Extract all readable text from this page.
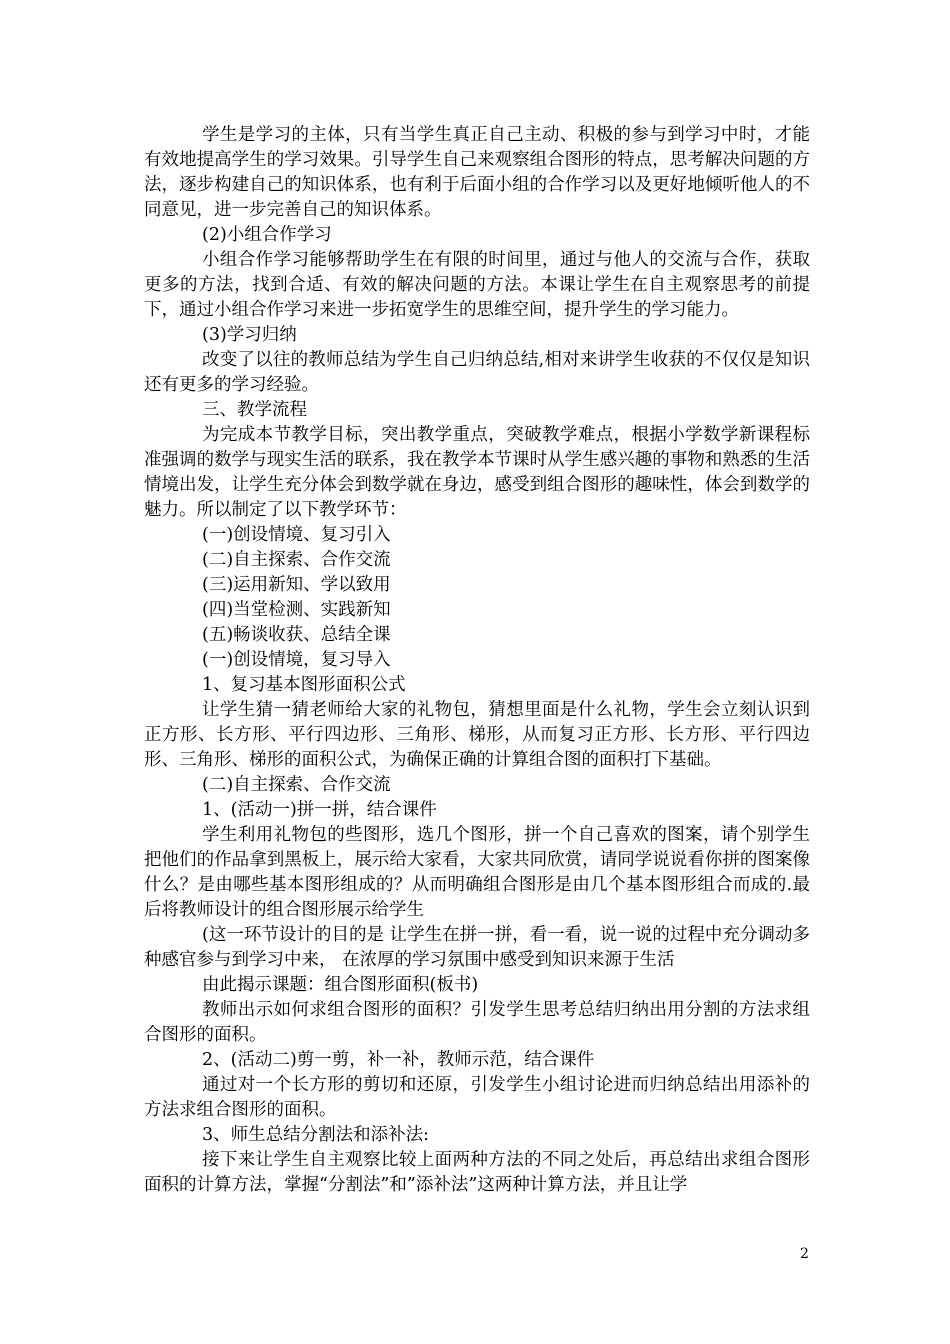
学生是学习的主体，只有当学生真正自己主动、积极的参与到学习中时，才能有效地提高学生的学习效果。引导学生自己来观察组合图形的特点，思考解决问题的方法，逐步构建自己的知识体系，也有利于后面小组的合作学习以及更好地倾听他人的不同意见，进一步完善自己的知识体系。

(2)小组合作学习

小组合作学习能够帮助学生在有限的时间里，通过与他人的交流与合作，获取更多的方法，找到合适、有效的解决问题的方法。本课让学生在自主观察思考的前提下，通过小组合作学习来进一步拓宽学生的思维空间，提升学生的学习能力。

(3)学习归纳

改变了以往的教师总结为学生自己归纳总结,相对来讲学生收获的不仅仅是知识还有更多的学习经验。

三、教学流程

为完成本节教学目标，突出教学重点，突破教学难点，根据小学数学新课程标准强调的数学与现实生活的联系，我在教学本节课时从学生感兴趣的事物和熟悉的生活情境出发，让学生充分体会到数学就在身边，感受到组合图形的趣味性，体会到数学的魅力。所以制定了以下教学环节：

(一)创设情境、复习引入

(二)自主探索、合作交流

(三)运用新知、学以致用

(四)当堂检测、实践新知

(五)畅谈收获、总结全课

(一)创设情境，复习导入

1、复习基本图形面积公式

让学生猜一猜老师给大家的礼物包，猜想里面是什么礼物，学生会立刻认识到正方形、长方形、平行四边形、三角形、梯形，从而复习正方形、长方形、平行四边形、三角形、梯形的面积公式，为确保正确的计算组合图的面积打下基础。

(二)自主探索、合作交流

1、(活动一)拼一拼，结合课件

学生利用礼物包的些图形，选几个图形，拼一个自己喜欢的图案，请个别学生把他们的作品拿到黑板上，展示给大家看，大家共同欣赏，请同学说说看你拼的图案像什么？是由哪些基本图形组成的？从而明确组合图形是由几个基本图形组合而成的.最后将教师设计的组合图形展示给学生

(这一环节设计的目的是 让学生在拼一拼，看一看，说一说的过程中充分调动多种感官参与到学习中来， 在浓厚的学习氛围中感受到知识来源于生活

由此揭示课题：组合图形面积(板书)

教师出示如何求组合图形的面积？引发学生思考总结归纳出用分割的方法求组合图形的面积。

2、(活动二)剪一剪，补一补，教师示范，结合课件

通过对一个长方形的剪切和还原，引发学生小组讨论进而归纳总结出用添补的方法求组合图形的面积。

3、师生总结分割法和添补法:

接下来让学生自主观察比较上面两种方法的不同之处后，再总结出求组合图形面积的计算方法，掌握“分割法”和”添补法”这两种计算方法，并且让学

2
